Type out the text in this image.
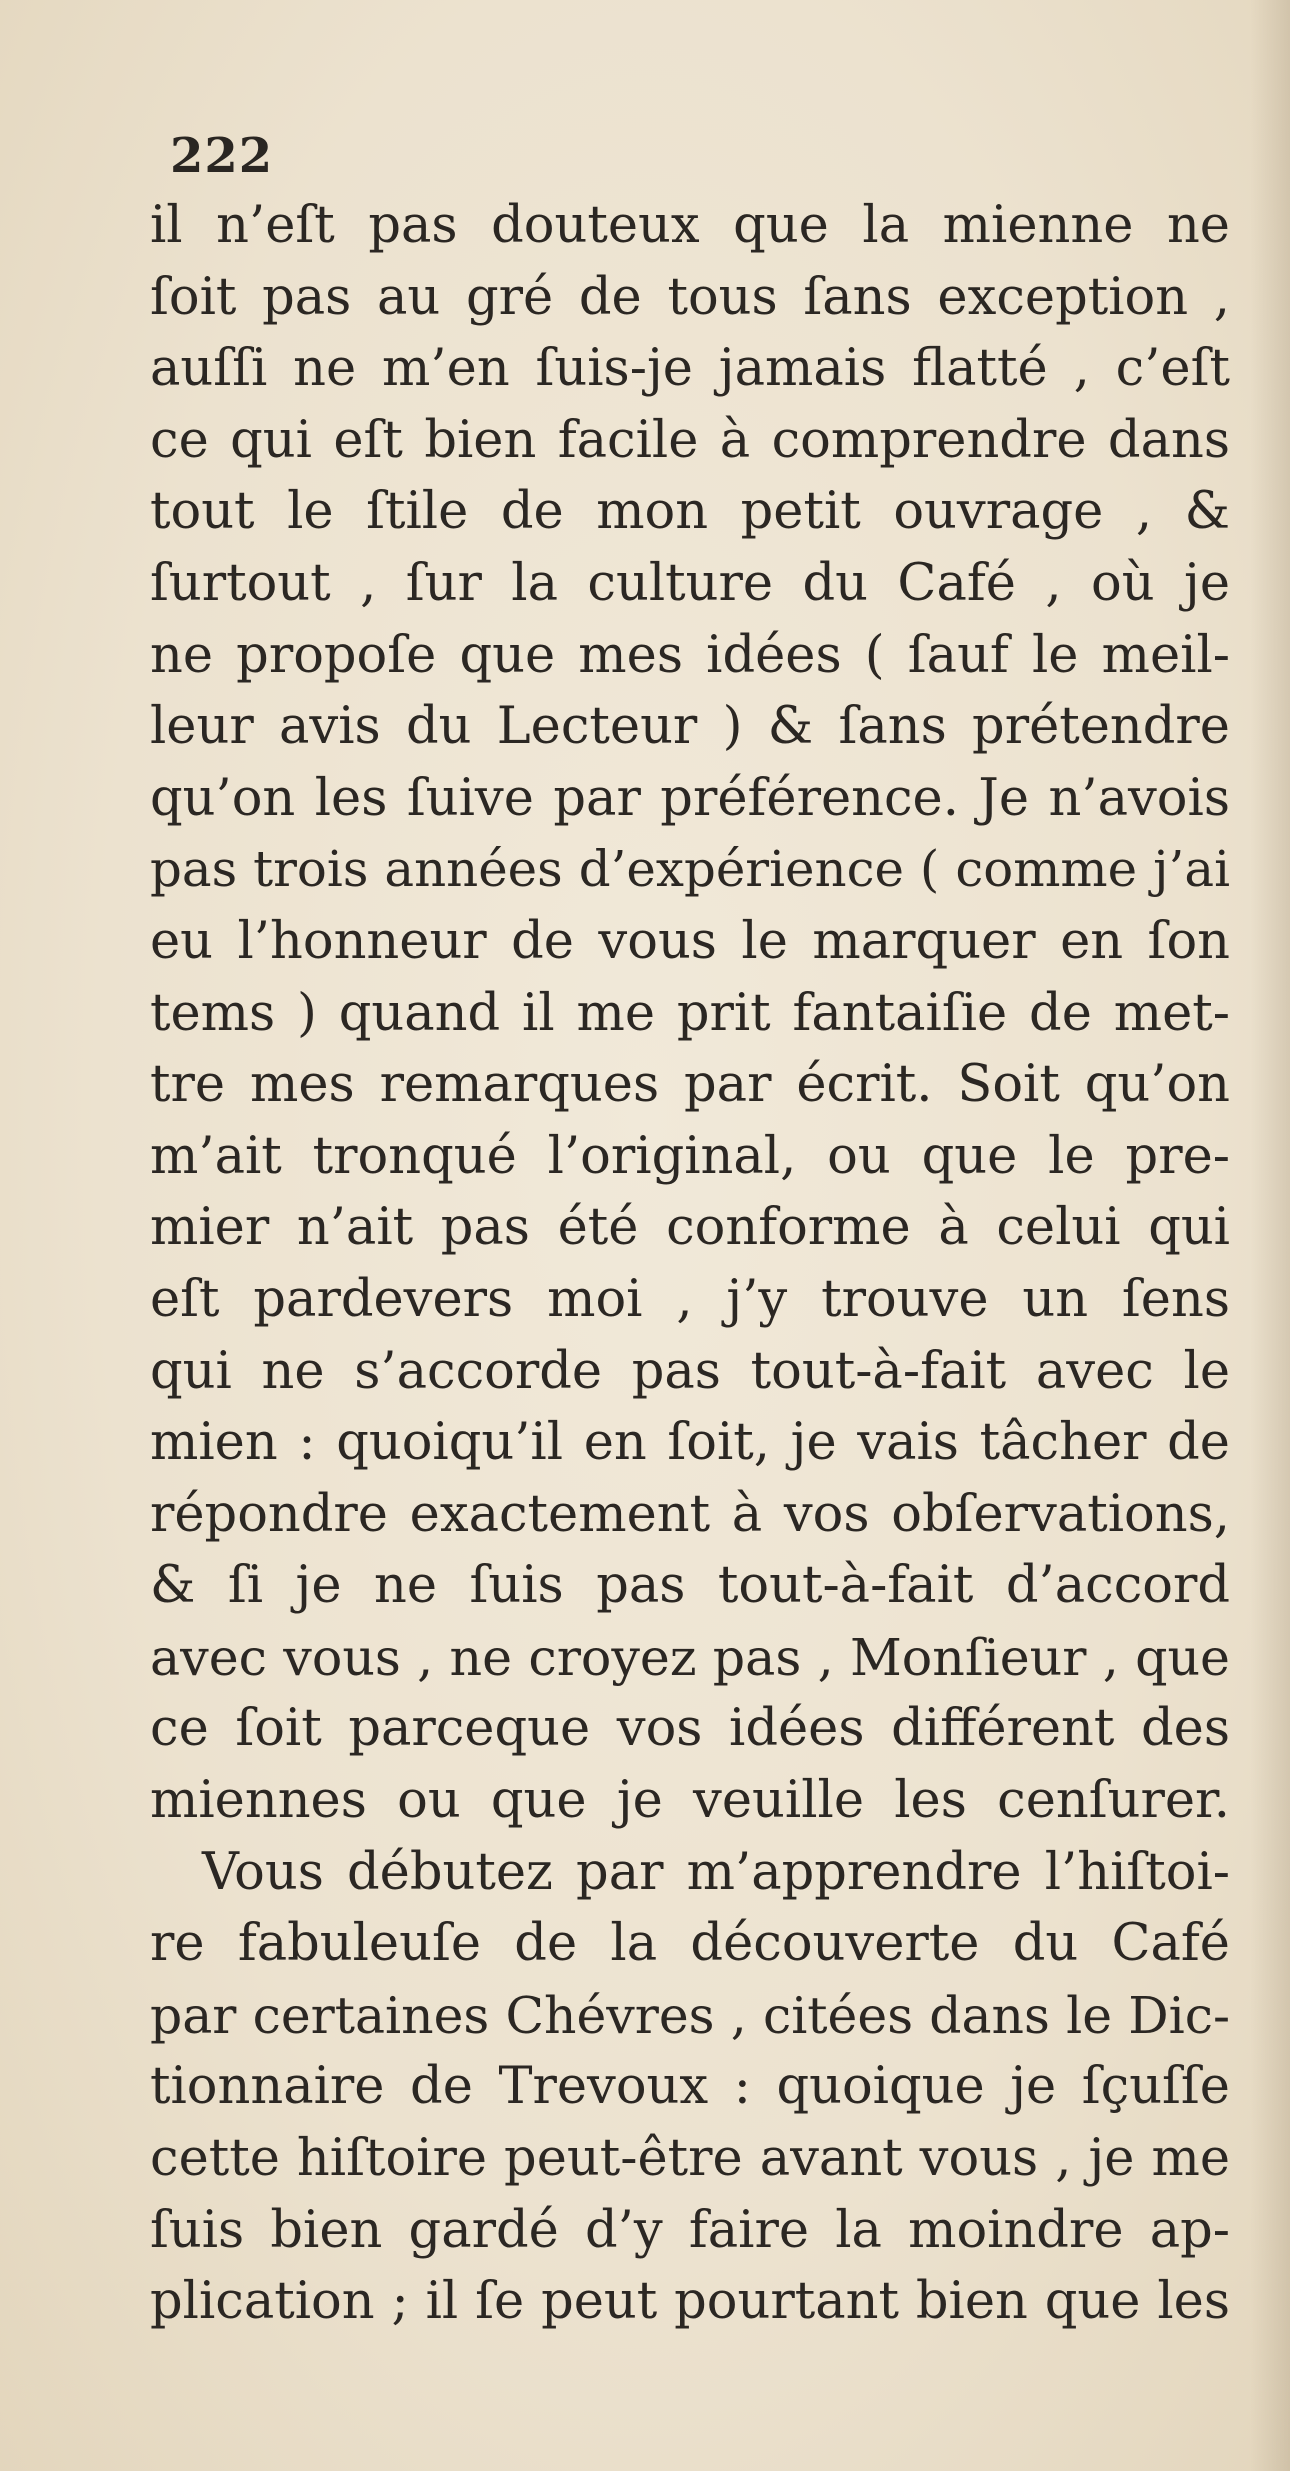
222
il n’eſt pas douteux que la mienne ne
ſoit pas au gré de tous ſans exception ,
auſſi ne m’en ſuis-je jamais flatté , c’eſt
ce qui eſt bien facile à comprendre dans
tout le ſtile de mon petit ouvrage , &
ſurtout , ſur la culture du Café , où je
ne propoſe que mes idées ( ſauf le meil-
leur avis du Lecteur ) & ſans prétendre
qu’on les ſuive par préférence. Je n’avois
pas trois années d’expérience ( comme j’ai
eu l’honneur de vous le marquer en ſon
tems ) quand il me prit fantaiſie de met-
tre mes remarques par écrit. Soit qu’on
m’ait tronqué l’original, ou que le pre-
mier n’ait pas été conforme à celui qui
eſt pardevers moi , j’y trouve un ſens
qui ne s’accorde pas tout-à-fait avec le
mien : quoiqu’il en ſoit, je vais tâcher de
répondre exactement à vos obſervations,
& ſi je ne ſuis pas tout-à-fait d’accord
avec vous , ne croyez pas , Monſieur , que
ce ſoit parceque vos idées différent des
miennes ou que je veuille les cenſurer.
Vous débutez par m’apprendre l’hiſtoi-
re fabuleuſe de la découverte du Café
par certaines Chévres , citées dans le Dic-
tionnaire de Trevoux : quoique je ſçuſſe
cette hiſtoire peut-être avant vous , je me
ſuis bien gardé d’y faire la moindre ap-
plication ; il ſe peut pourtant bien que les
